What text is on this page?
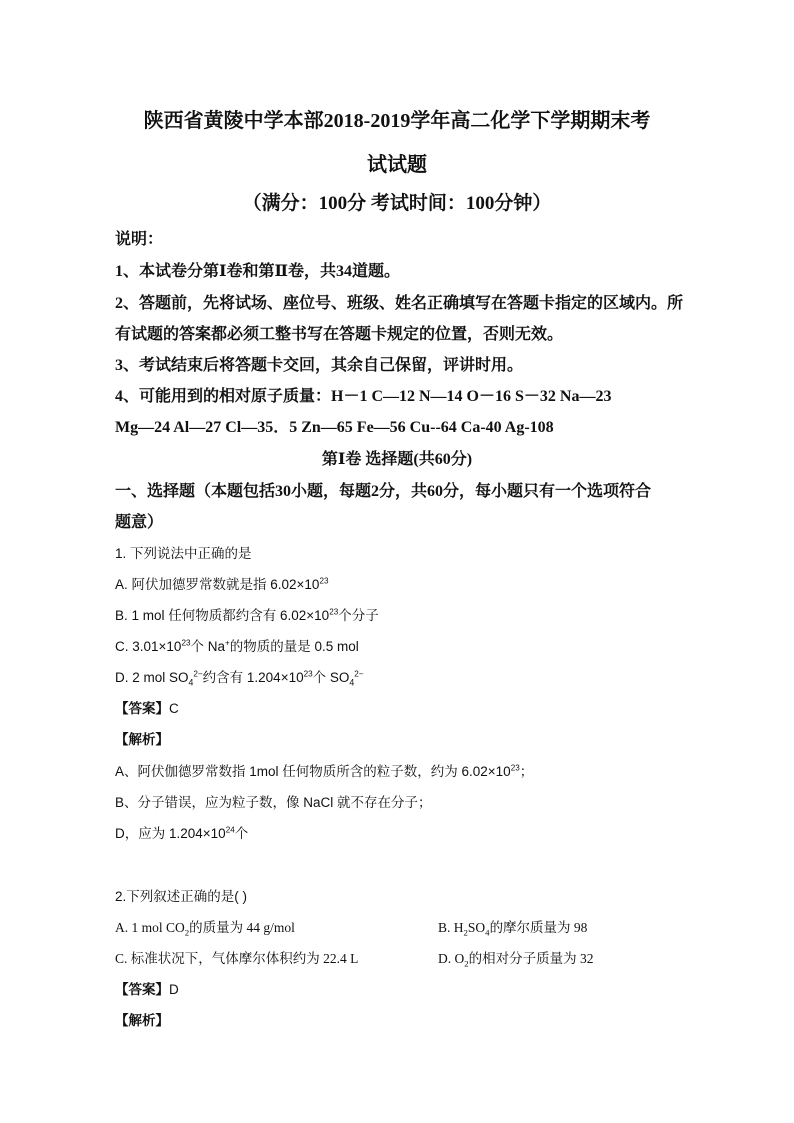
陕西省黄陵中学本部2018-2019学年高二化学下学期期末考
试试题
（满分：100分 考试时间：100分钟）
说明：
1、本试卷分第Ⅰ卷和第Ⅱ卷，共34道题。
2、答题前，先将试场、座位号、班级、姓名正确填写在答题卡指定的区域内。所
有试题的答案都必须工整书写在答题卡规定的位置，否则无效。
3、考试结束后将答题卡交回，其余自己保留，评讲时用。
4、可能用到的相对原子质量：H－1 C—12 N—14 O－16 S－32 Na—23
Mg—24 Al—27 Cl—35．5 Zn—65 Fe—56 Cu--64 Ca-40 Ag-108
第Ⅰ卷 选择题(共60分)
一、选择题（本题包括30小题，每题2分，共60分，每小题只有一个选项符合
题意）
1. 下列说法中正确的是
A. 阿伏加德罗常数就是指 $6.02\times 10^{23}$
B. 1 mol 任何物质都约含有 $6.02\times 10^{23}$个分子
C. $3.01\times 10^{23}$个 Na+的物质的量是 0.5 mol
D. 2 mol $SO_4^{2-}$约含有 $1.204\times 10^{23}$个 $SO_4^{2-}$
【答案】C
【解析】
A、阿伏伽德罗常数指 1mol 任何物质所含的粒子数，约为 $6.02\times 10^{23}$；
B、分子错误，应为粒子数，像 NaCl 就不存在分子；
D，应为 $1.204\times 10^{24}$个
2.下列叙述正确的是( )
A. 1 mol $CO_2$的质量为 44 g/mol	B. $H_2SO_4$的摩尔质量为 98
C. 标准状况下，气体摩尔体积约为 22.4 L	D. $O_2$的相对分子质量为 32
【答案】D
【解析】
